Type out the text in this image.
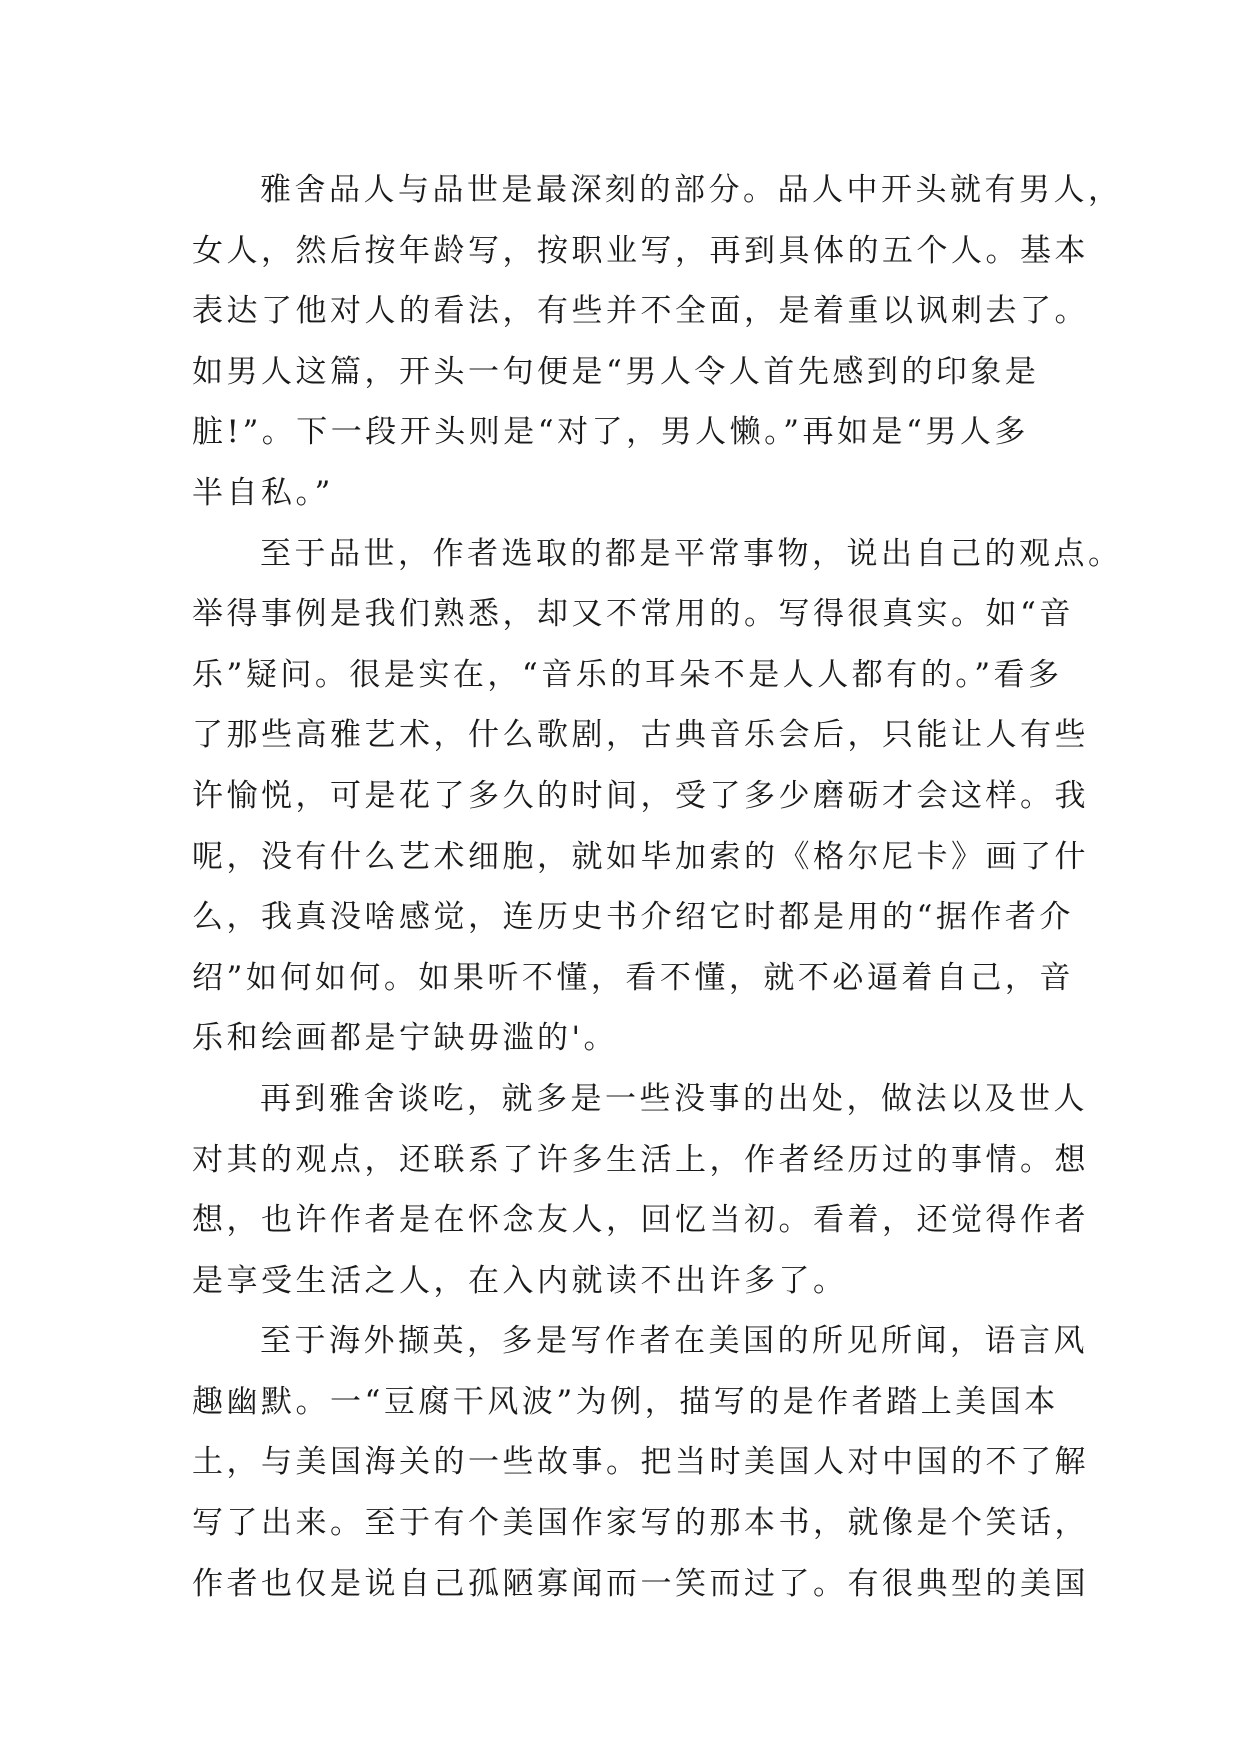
雅舍品人与品世是最深刻的部分。品人中开头就有男人，
女人，然后按年龄写，按职业写，再到具体的五个人。基本
表达了他对人的看法，有些并不全面，是着重以讽刺去了。
如男人这篇，开头一句便是“男人令人首先感到的印象是
脏!”。下一段开头则是“对了，男人懒。”再如是“男人多
半自私。”
至于品世，作者选取的都是平常事物，说出自己的观点。
举得事例是我们熟悉，却又不常用的。写得很真实。如“音
乐”疑问。很是实在，“音乐的耳朵不是人人都有的。”看多
了那些高雅艺术，什么歌剧，古典音乐会后，只能让人有些
许愉悦，可是花了多久的时间，受了多少磨砺才会这样。我
呢，没有什么艺术细胞，就如毕加索的《格尔尼卡》画了什
么，我真没啥感觉，连历史书介绍它时都是用的“据作者介
绍”如何如何。如果听不懂，看不懂，就不必逼着自己，音
乐和绘画都是宁缺毋滥的'。
再到雅舍谈吃，就多是一些没事的出处，做法以及世人
对其的观点，还联系了许多生活上，作者经历过的事情。想
想，也许作者是在怀念友人，回忆当初。看着，还觉得作者
是享受生活之人，在入内就读不出许多了。
至于海外撷英，多是写作者在美国的所见所闻，语言风
趣幽默。一“豆腐干风波”为例，描写的是作者踏上美国本
土，与美国海关的一些故事。把当时美国人对中国的不了解
写了出来。至于有个美国作家写的那本书，就像是个笑话，
作者也仅是说自己孤陋寡闻而一笑而过了。有很典型的美国
